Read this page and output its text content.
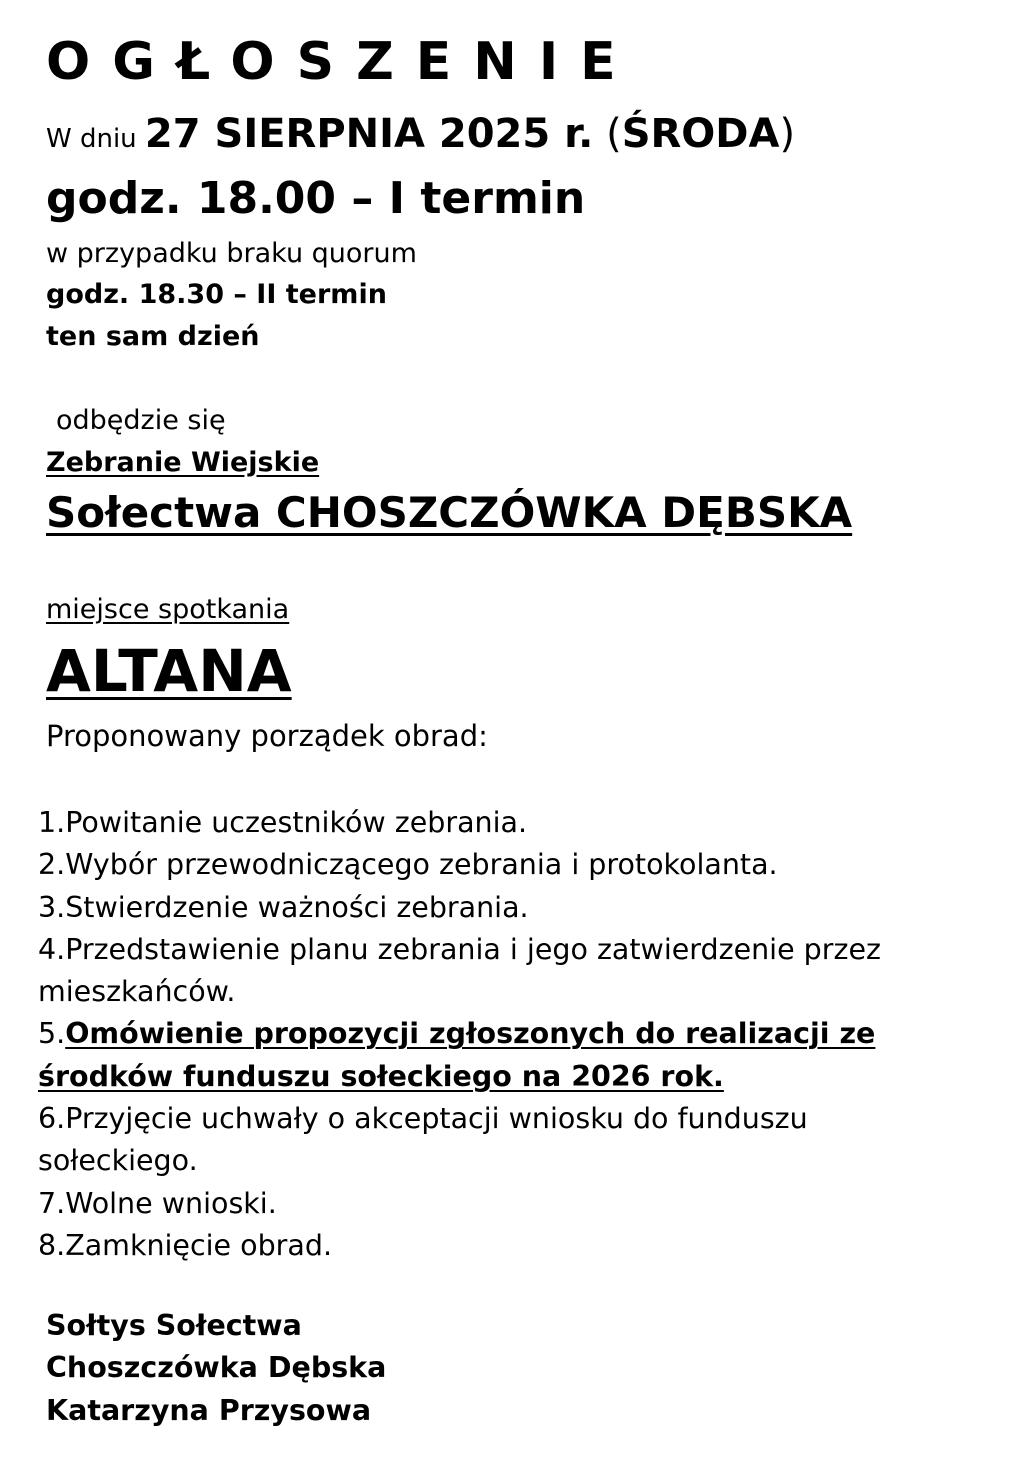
OGŁOSZENIE
W dniu 27 SIERPNIA 2025 r. (ŚRODA)
godz. 18.00 – I termin
w przypadku braku quorum
godz. 18.30 – II termin
ten sam dzień
odbędzie się
Zebranie Wiejskie
Sołectwa CHOSZCZÓWKA DĘBSKA
miejsce spotkania
ALTANA
Proponowany porządek obrad:
1.Powitanie uczestników zebrania.
2.Wybór przewodniczącego zebrania i protokolanta.
3.Stwierdzenie ważności zebrania.
4.Przedstawienie planu zebrania i jego zatwierdzenie przez
mieszkańców.
5.Omówienie propozycji zgłoszonych do realizacji ze
środków funduszu sołeckiego na 2026 rok.
6.Przyjęcie uchwały o akceptacji wniosku do funduszu
sołeckiego.
7.Wolne wnioski.
8.Zamknięcie obrad.
Sołtys Sołectwa
Choszczówka Dębska
Katarzyna Przysowa
